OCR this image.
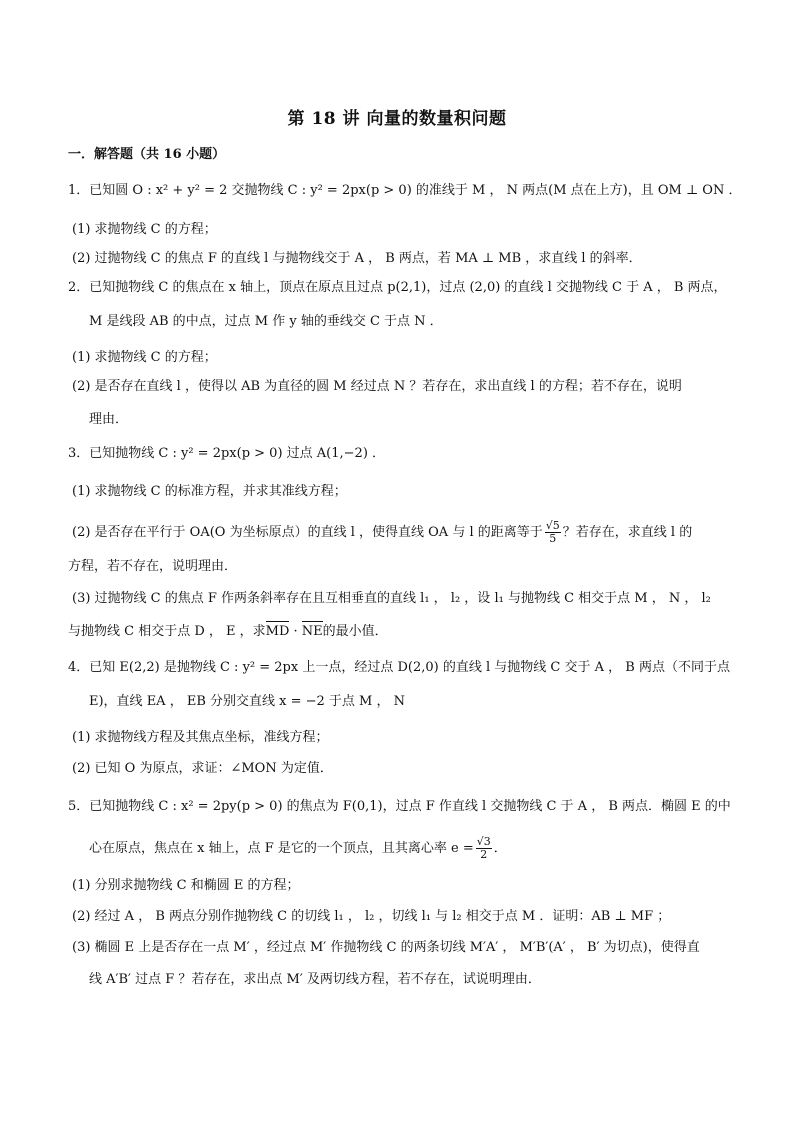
第 18 讲 向量的数量积问题
一．解答题（共 16 小题）
1．已知圆 O : x² + y² = 2 交抛物线 C : y² = 2px(p > 0) 的准线于 M ， N 两点(M 点在上方)，且 OM ⊥ ON ．
(1) 求抛物线 C 的方程；
(2) 过抛物线 C 的焦点 F 的直线 l 与抛物线交于 A ， B 两点，若 MA ⊥ MB ，求直线 l 的斜率．
2．已知抛物线 C 的焦点在 x 轴上，顶点在原点且过点 p(2,1)，过点 (2,0) 的直线 l 交抛物线 C 于 A ， B 两点，
M 是线段 AB 的中点，过点 M 作 y 轴的垂线交 C 于点 N ．
(1) 求抛物线 C 的方程；
(2) 是否存在直线 l ，使得以 AB 为直径的圆 M 经过点 N ？若存在，求出直线 l 的方程；若不存在，说明
理由．
3．已知抛物线 C : y² = 2px(p > 0) 过点 A(1,−2) ．
(1) 求抛物线 C 的标准方程，并求其准线方程；
(2) 是否存在平行于 OA(O 为坐标原点）的直线 l ，使得直线 OA 与 l 的距离等于 $\frac{√5}{5}$ ？若存在，求直线 l 的
方程，若不存在，说明理由．
(3) 过抛物线 C 的焦点 F 作两条斜率存在且互相垂直的直线 l₁ ， l₂ ，设 l₁ 与抛物线 C 相交于点 M ， N ， l₂
与抛物线 C 相交于点 D ， E ，求MD · NE的最小值．
4．已知 E(2,2) 是抛物线 C : y² = 2px 上一点，经过点 D(2,0) 的直线 l 与抛物线 C 交于 A ， B 两点（不同于点
E)，直线 EA ， EB 分别交直线 x = −2 于点 M ， N
(1) 求抛物线方程及其焦点坐标，准线方程；
(2) 已知 O 为原点，求证：∠MON 为定值．
5．已知抛物线 C : x² = 2py(p > 0) 的焦点为 F(0,1)，过点 F 作直线 l 交抛物线 C 于 A ， B 两点．椭圆 E 的中
心在原点，焦点在 x 轴上，点 F 是它的一个顶点，且其离心率 $e = \frac{√3}{2}$ ．
(1) 分别求抛物线 C 和椭圆 E 的方程；
(2) 经过 A ， B 两点分别作抛物线 C 的切线 l₁ ， l₂ ，切线 l₁ 与 l₂ 相交于点 M ．证明：AB ⊥ MF ；
(3) 椭圆 E 上是否存在一点 M′ ，经过点 M′ 作抛物线 C 的两条切线 M′A′ ， M′B′(A′ ， B′ 为切点)，使得直
线 A′B′ 过点 F ？若存在，求出点 M′ 及两切线方程，若不存在，试说明理由．
